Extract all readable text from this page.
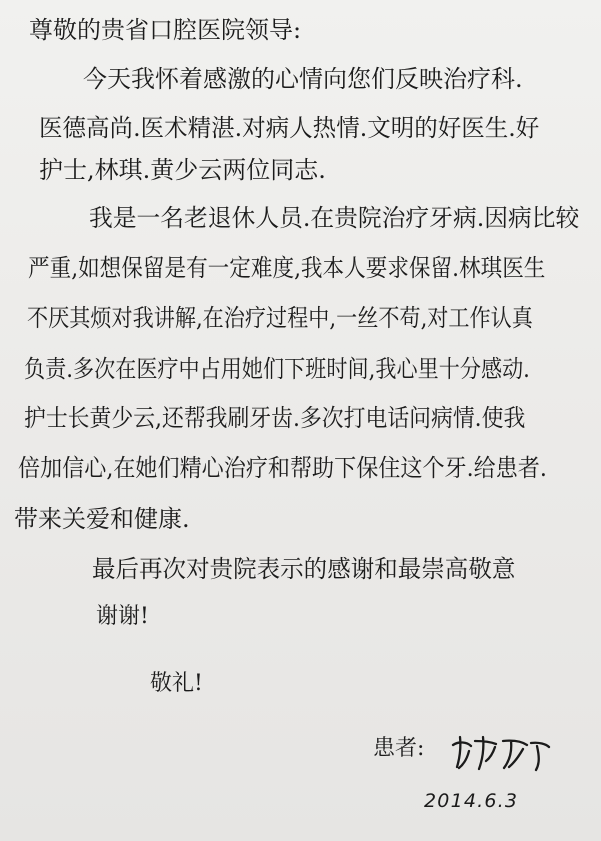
尊敬的贵省口腔医院领导:
今天我怀着感激的心情向您们反映治疗科.
医德高尚.医术精湛.对病人热情.文明的好医生.好
护士,林琪.黄少云两位同志.
我是一名老退休人员.在贵院治疗牙病.因病比较
严重,如想保留是有一定难度,我本人要求保留.林琪医生
不厌其烦对我讲解,在治疗过程中,一丝不苟,对工作认真
负责.多次在医疗中占用她们下班时间,我心里十分感动.
护士长黄少云,还帮我刷牙齿.多次打电话问病情.使我
倍加信心,在她们精心治疗和帮助下保住这个牙.给患者.
带来关爱和健康.
最后再次对贵院表示的感谢和最崇高敬意
谢谢!
敬礼!
患者:
2014.6.3
